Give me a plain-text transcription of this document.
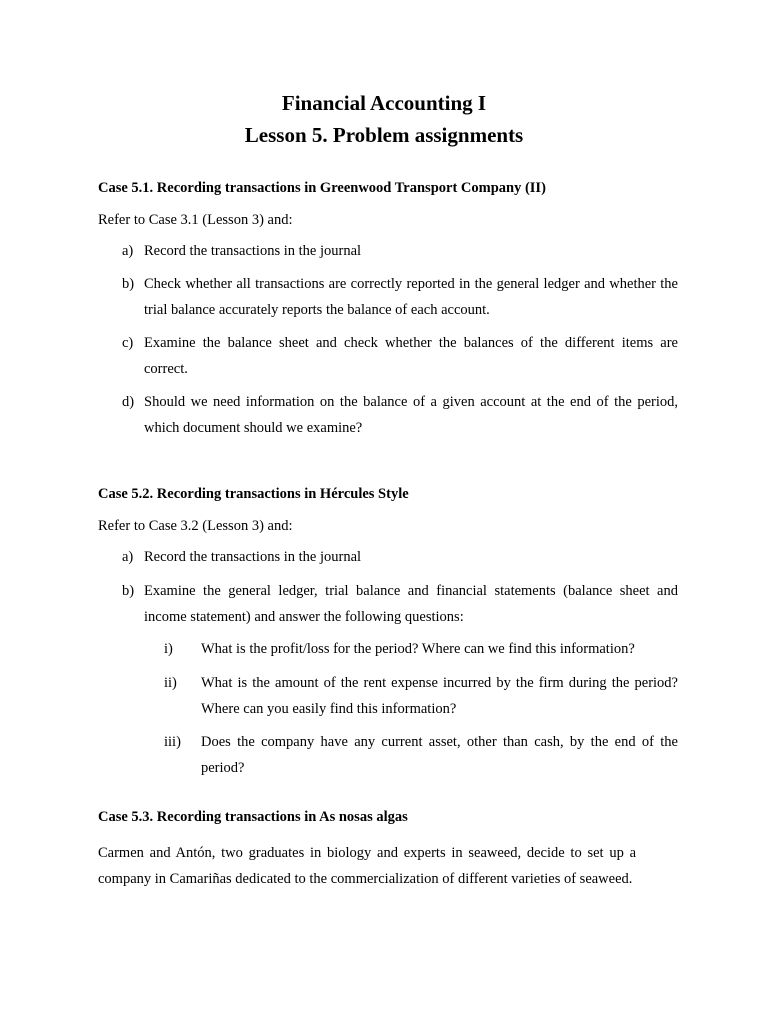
Financial Accounting I
Lesson 5. Problem assignments
Case 5.1. Recording transactions in Greenwood Transport Company (II)
Refer to Case 3.1 (Lesson 3) and:
a) Record the transactions in the journal
b) Check whether all transactions are correctly reported in the general ledger and whether the trial balance accurately reports the balance of each account.
c) Examine the balance sheet and check whether the balances of the different items are correct.
d) Should we need information on the balance of a given account at the end of the period, which document should we examine?
Case 5.2. Recording transactions in Hércules Style
Refer to Case 3.2 (Lesson 3) and:
a) Record the transactions in the journal
b) Examine the general ledger, trial balance and financial statements (balance sheet and income statement) and answer the following questions:
i) What is the profit/loss for the period? Where can we find this information?
ii) What is the amount of the rent expense incurred by the firm during the period? Where can you easily find this information?
iii) Does the company have any current asset, other than cash, by the end of the period?
Case 5.3. Recording transactions in As nosas algas
Carmen and Antón, two graduates in biology and experts in seaweed, decide to set up a company in Camariñas dedicated to the commercialization of different varieties of seaweed.
